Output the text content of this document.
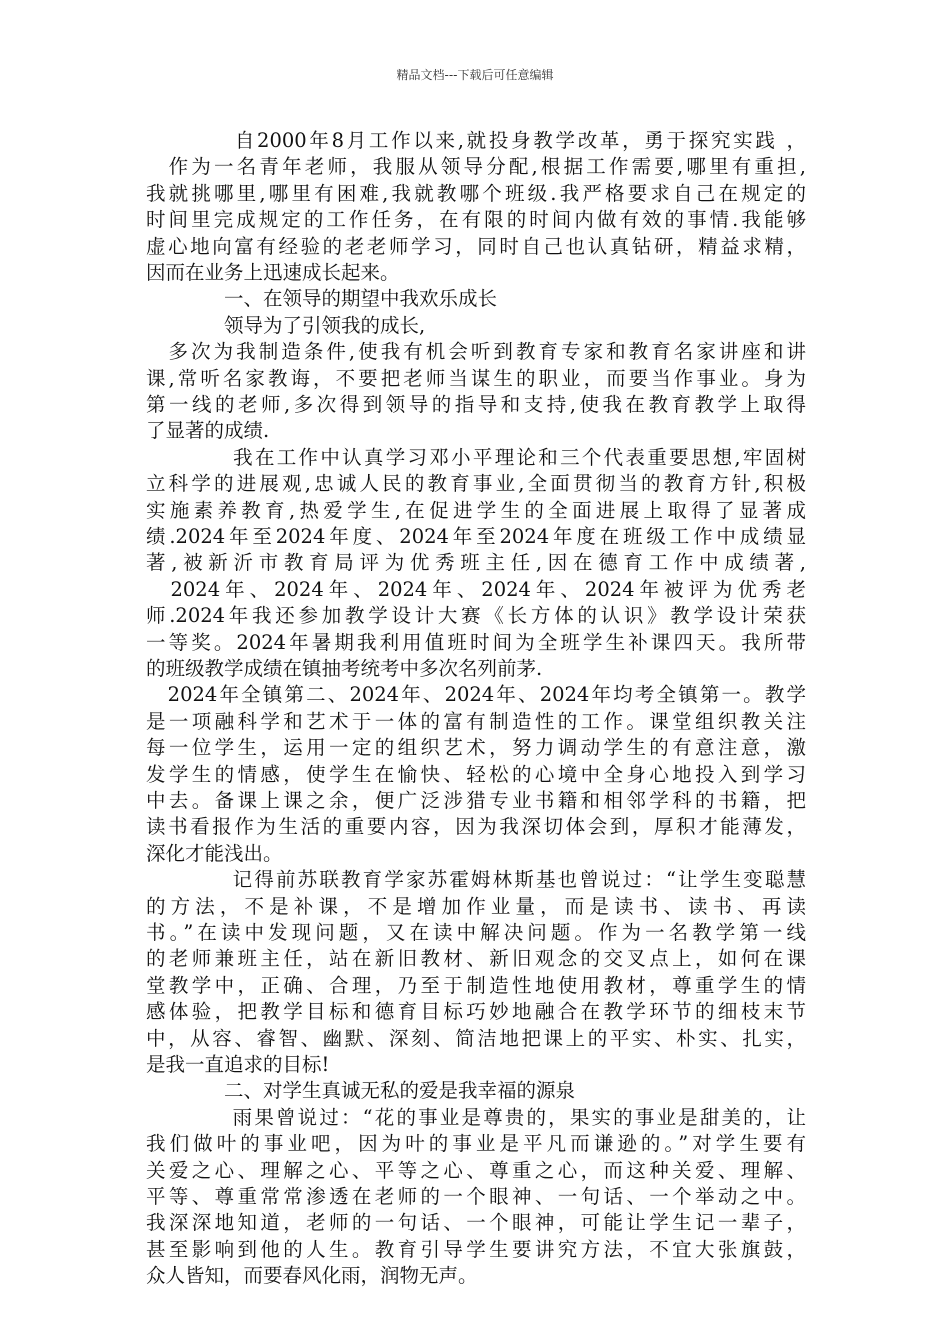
精品文档---下载后可任意编辑
　　　　自2000年8月工作以来,就投身教学改革，勇于探究实践 ，
　作为一名青年老师，我服从领导分配,根据工作需要,哪里有重担,
我就挑哪里,哪里有困难,我就教哪个班级.我严格要求自己在规定的
时间里完成规定的工作任务，在有限的时间内做有效的事情.我能够
虚心地向富有经验的老老师学习，同时自己也认真钻研，精益求精，
因而在业务上迅速成长起来。
　　　　一、在领导的期望中我欢乐成长
　　　　领导为了引领我的成长,
　多次为我制造条件,使我有机会听到教育专家和教育名家讲座和讲
课,常听名家教诲，不要把老师当谋生的职业，而要当作事业。身为
第一线的老师,多次得到领导的指导和支持,使我在教育教学上取得
了显著的成绩.
　　　　我在工作中认真学习邓小平理论和三个代表重要思想,牢固树
立科学的进展观,忠诚人民的教育事业,全面贯彻当的教育方针,积极
实施素养教育,热爱学生,在促进学生的全面进展上取得了显著成
绩.2024年至2024年度、2024年至2024年度在班级工作中成绩显
著,被新沂市教育局评为优秀班主任,因在德育工作中成绩著,
　2024年、2024年、2024年、2024年、2024年被评为优秀老
师.2024年我还参加教学设计大赛《长方体的认识》教学设计荣获
一等奖。2024年暑期我利用值班时间为全班学生补课四天。我所带
的班级教学成绩在镇抽考统考中多次名列前茅.
　2024年全镇第二、2024年、2024年、2024年均考全镇第一。教学
是一项融科学和艺术于一体的富有制造性的工作。课堂组织教关注
每一位学生，运用一定的组织艺术，努力调动学生的有意注意，激
发学生的情感，使学生在愉快、轻松的心境中全身心地投入到学习
中去。备课上课之余，便广泛涉猎专业书籍和相邻学科的书籍，把
读书看报作为生活的重要内容，因为我深切体会到，厚积才能薄发，
深化才能浅出。
　　　　记得前苏联教育学家苏霍姆林斯基也曾说过：“让学生变聪慧
的方法，不是补课，不是增加作业量，而是读书、读书、再读
书。”在读中发现问题，又在读中解决问题。作为一名教学第一线
的老师兼班主任，站在新旧教材、新旧观念的交叉点上，如何在课
堂教学中，正确、合理，乃至于制造性地使用教材，尊重学生的情
感体验，把教学目标和德育目标巧妙地融合在教学环节的细枝末节
中，从容、睿智、幽默、深刻、简洁地把课上的平实、朴实、扎实，
是我一直追求的目标!
　　　　二、对学生真诚无私的爱是我幸福的源泉
　　　　雨果曾说过：“花的事业是尊贵的，果实的事业是甜美的，让
我们做叶的事业吧，因为叶的事业是平凡而谦逊的。”对学生要有
关爱之心、理解之心、平等之心、尊重之心，而这种关爱、理解、
平等、尊重常常渗透在老师的一个眼神、一句话、一个举动之中。
我深深地知道，老师的一句话、一个眼神，可能让学生记一辈子，
甚至影响到他的人生。教育引导学生要讲究方法，不宜大张旗鼓，
众人皆知，而要春风化雨，润物无声。
